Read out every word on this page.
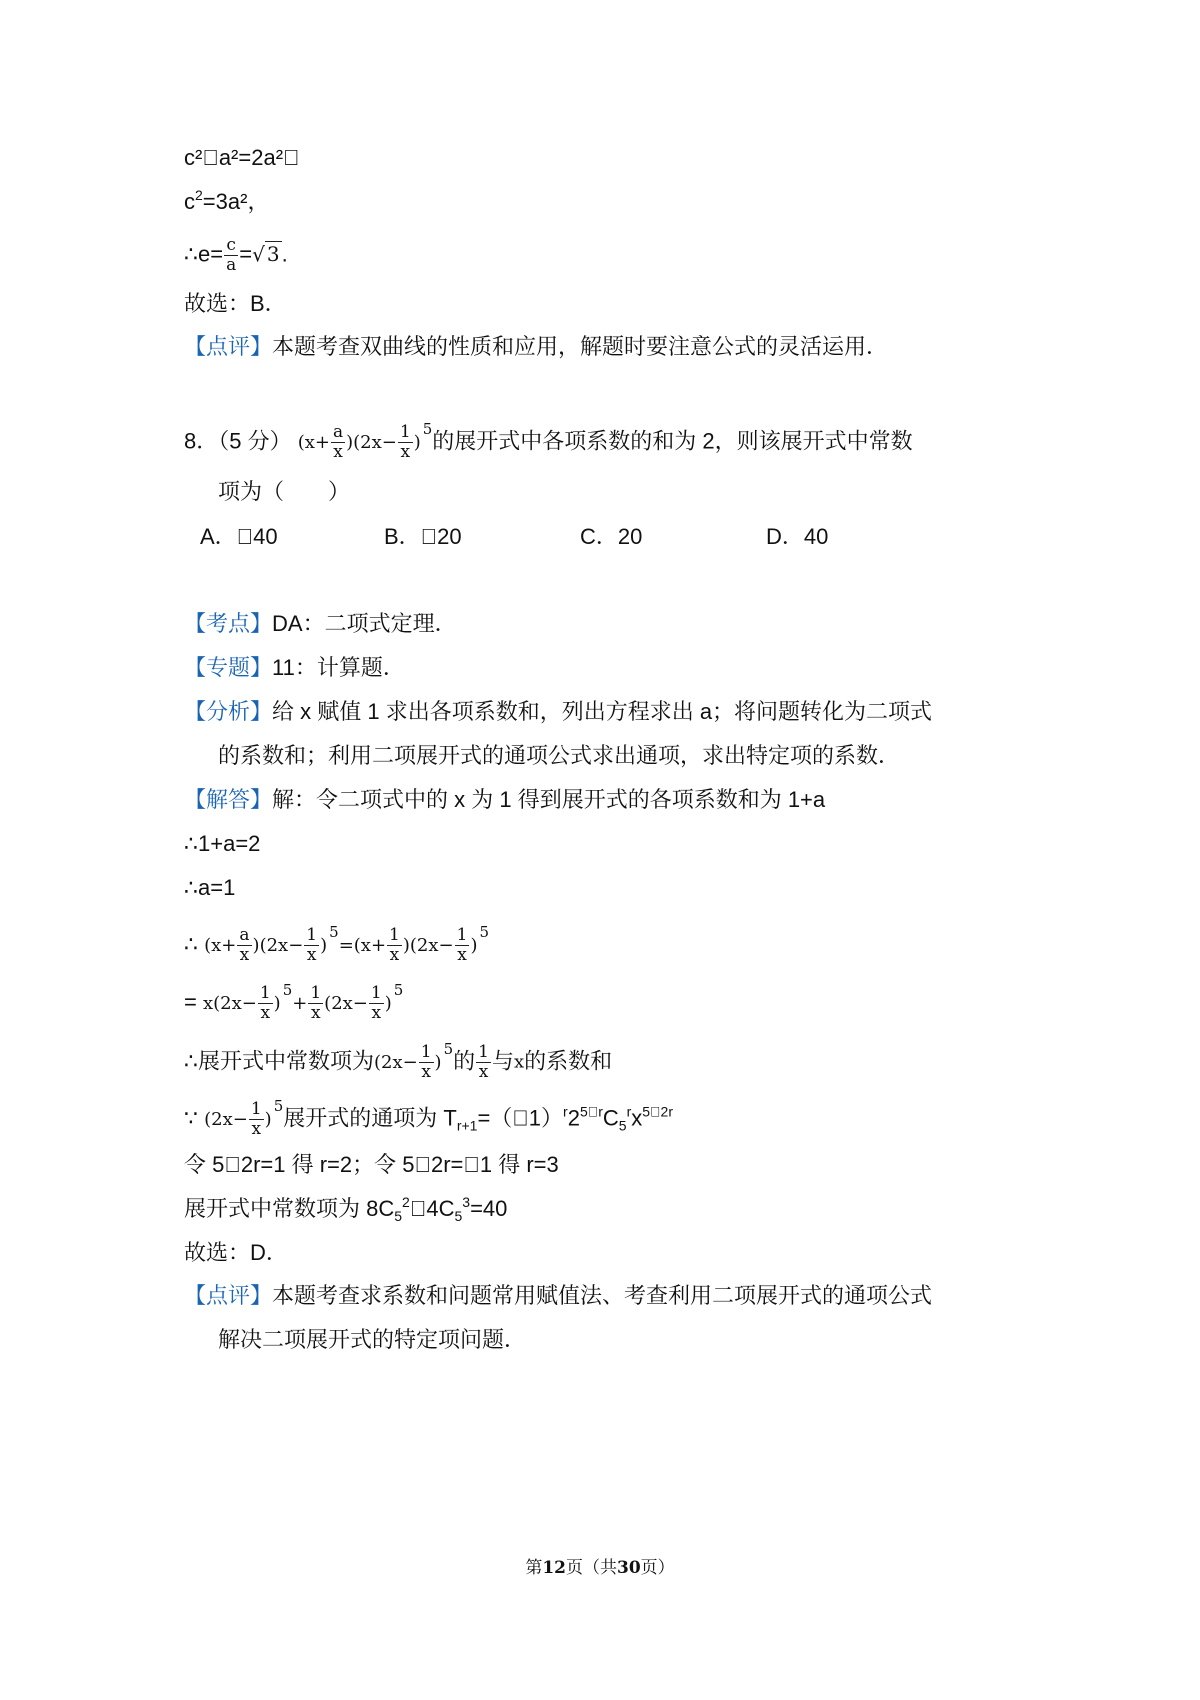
c² a²=2a²，
$c^2=3a^2$，
∴e= $\frac{c}{a}$ =√ 3.
故选：B．
【点评】本题考查双曲线的性质和应用，解题时要注意公式的灵活运用．
8．（5 分） $(x+ \frac{a}{x} )(2x- \frac{1}{x} )^5$的展开式中各项系数的和为 2，则该展开式中常数
项为（　　）
A． 40	B． 20	C．20	D．40
【考点】DA：二项式定理．
【专题】11：计算题．
【分析】给 x 赋值 1 求出各项系数和，列出方程求出 a；将问题转化为二项式
的系数和；利用二项展开式的通项公式求出通项，求出特定项的系数．
【解答】解：令二项式中的 x 为 1 得到展开式的各项系数和为 1+a
∴1+a=2
∴a=1
∴ $(x+ \frac{a}{x} )(2x- \frac{1}{x} )^5=(x+ \frac{1}{x} )(2x- \frac{1}{x} )^5$
= $x(2x- \frac{1}{x} )^5+ \frac{1}{x} (2x- \frac{1}{x} )^5$
∴展开式中常数项为$(2x- \frac{1}{x} )^5$的 $\frac{1}{x}$ 与x的系数和
∵ $(2x- \frac{1}{x} )^5$展开式的通项为 $T_{r+1}=( 1)^r2^{5 r}C_5^rx^{5 2r}$
令 5 2r=1 得 r=2；令 5 2r= 1 得 r=3
展开式中常数项为 $8C_5^2 4C_5^3=40$
故选：D．
【点评】本题考查求系数和问题常用赋值法、考查利用二项展开式的通项公式
解决二项展开式的特定项问题．
第12页（共30页）
